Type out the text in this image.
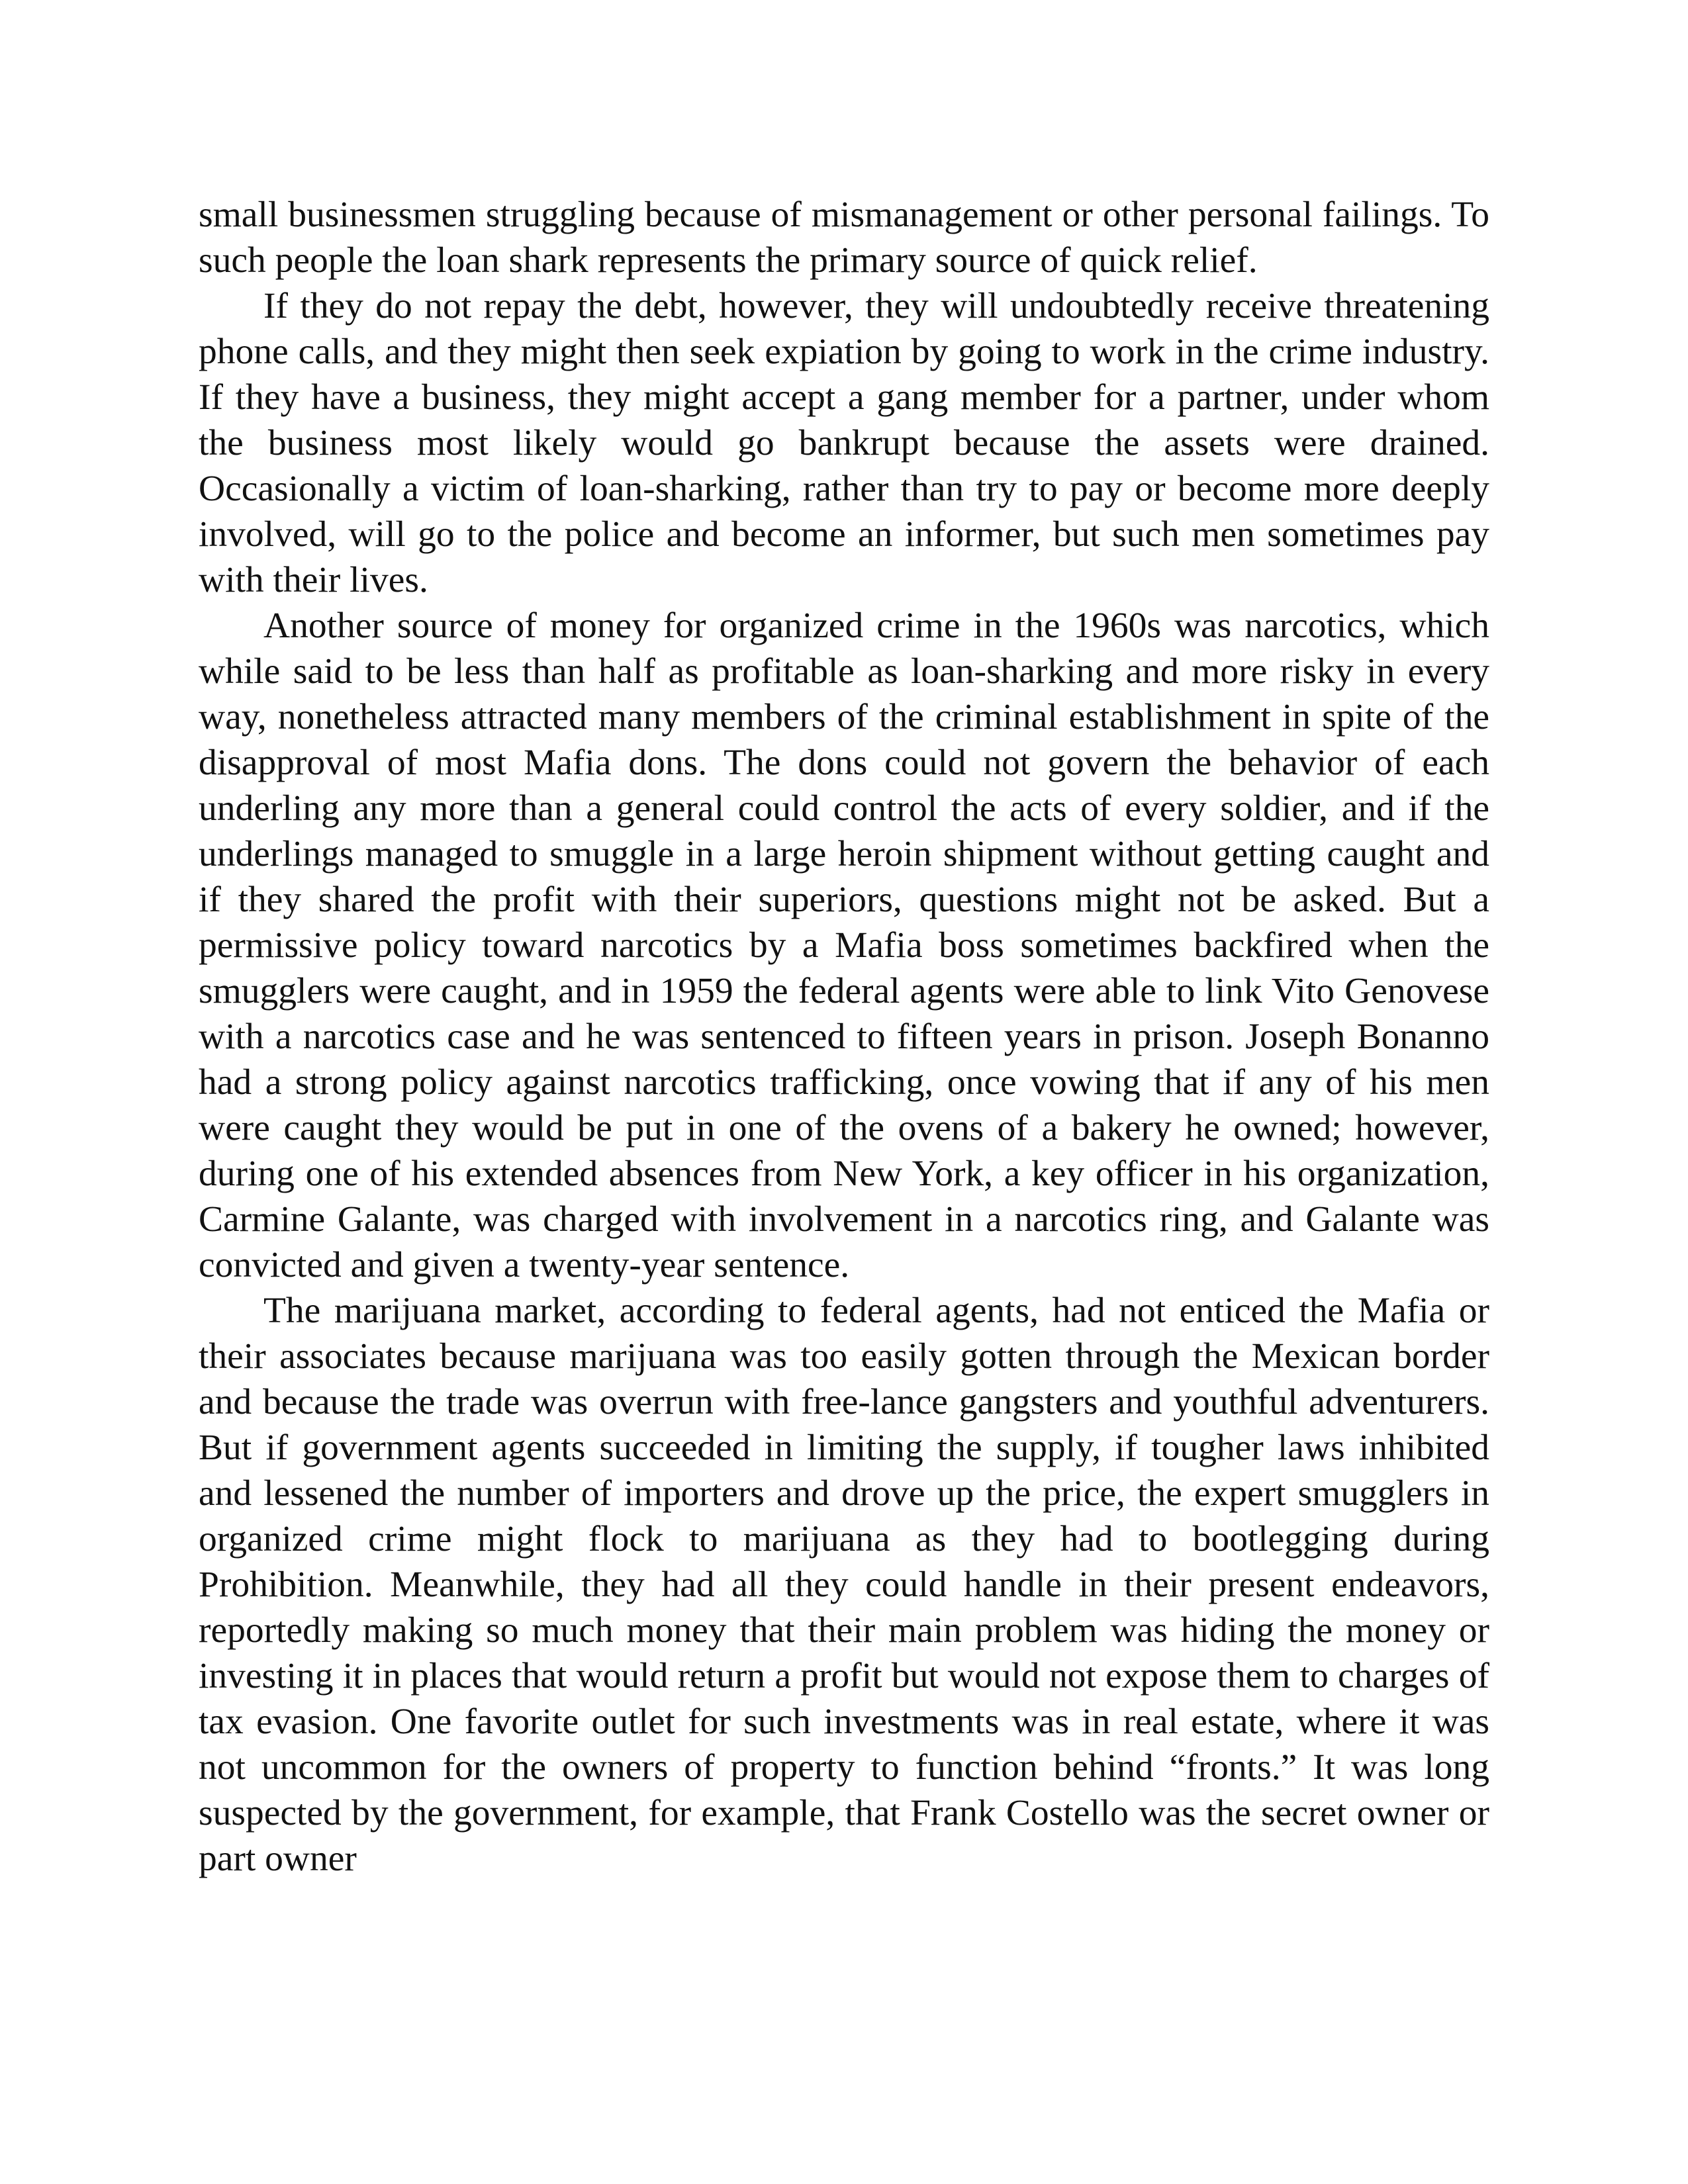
small businessmen struggling because of mismanagement or other personal failings. To such people the loan shark represents the primary source of quick relief.

If they do not repay the debt, however, they will undoubtedly receive threatening phone calls, and they might then seek expiation by going to work in the crime industry. If they have a business, they might accept a gang member for a partner, under whom the business most likely would go bankrupt because the assets were drained. Occasionally a victim of loan-sharking, rather than try to pay or become more deeply involved, will go to the police and become an informer, but such men sometimes pay with their lives.

Another source of money for organized crime in the 1960s was narcotics, which while said to be less than half as profitable as loan-sharking and more risky in every way, nonetheless attracted many members of the criminal establishment in spite of the disapproval of most Mafia dons. The dons could not govern the behavior of each underling any more than a general could control the acts of every soldier, and if the underlings managed to smuggle in a large heroin shipment without getting caught and if they shared the profit with their superiors, questions might not be asked. But a permissive policy toward narcotics by a Mafia boss sometimes backfired when the smugglers were caught, and in 1959 the federal agents were able to link Vito Genovese with a narcotics case and he was sentenced to fifteen years in prison. Joseph Bonanno had a strong policy against narcotics trafficking, once vowing that if any of his men were caught they would be put in one of the ovens of a bakery he owned; however, during one of his extended absences from New York, a key officer in his organization, Carmine Galante, was charged with involvement in a narcotics ring, and Galante was convicted and given a twenty-year sentence.

The marijuana market, according to federal agents, had not enticed the Mafia or their associates because marijuana was too easily gotten through the Mexican border and because the trade was overrun with free-lance gangsters and youthful adventurers. But if government agents succeeded in limiting the supply, if tougher laws inhibited and lessened the number of importers and drove up the price, the expert smugglers in organized crime might flock to marijuana as they had to bootlegging during Prohibition. Meanwhile, they had all they could handle in their present endeavors, reportedly making so much money that their main problem was hiding the money or investing it in places that would return a profit but would not expose them to charges of tax evasion. One favorite outlet for such investments was in real estate, where it was not uncommon for the owners of property to function behind “fronts.” It was long suspected by the government, for example, that Frank Costello was the secret owner or part owner
